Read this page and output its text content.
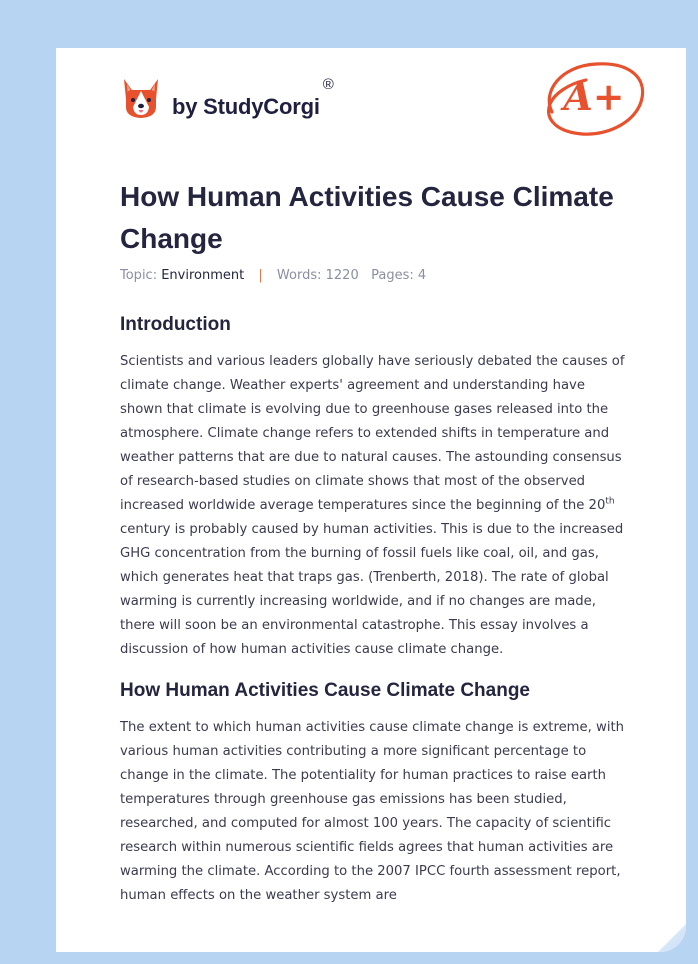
by StudyCorgi
®	A+
How Human Activities Cause Climate Change
Topic: Environment | Words: 1220 Pages: 4
Introduction

Scientists and various leaders globally have seriously debated the causes of climate change. Weather experts' agreement and understanding have shown that climate is evolving due to greenhouse gases released into the atmosphere. Climate change refers to extended shifts in temperature and weather patterns that are due to natural causes. The astounding consensus of research-based studies on climate shows that most of the observed increased worldwide average temperatures since the beginning of the 20th century is probably caused by human activities. This is due to the increased GHG concentration from the burning of fossil fuels like coal, oil, and gas, which generates heat that traps gas. (Trenberth, 2018). The rate of global warming is currently increasing worldwide, and if no changes are made, there will soon be an environmental catastrophe. This essay involves a discussion of how human activities cause climate change.

How Human Activities Cause Climate Change

The extent to which human activities cause climate change is extreme, with various human activities contributing a more significant percentage to change in the climate. The potentiality for human practices to raise earth temperatures through greenhouse gas emissions has been studied, researched, and computed for almost 100 years. The capacity of scientific research within numerous scientific fields agrees that human activities are warming the climate. According to the 2007 IPCC fourth assessment report, human effects on the weather system are
